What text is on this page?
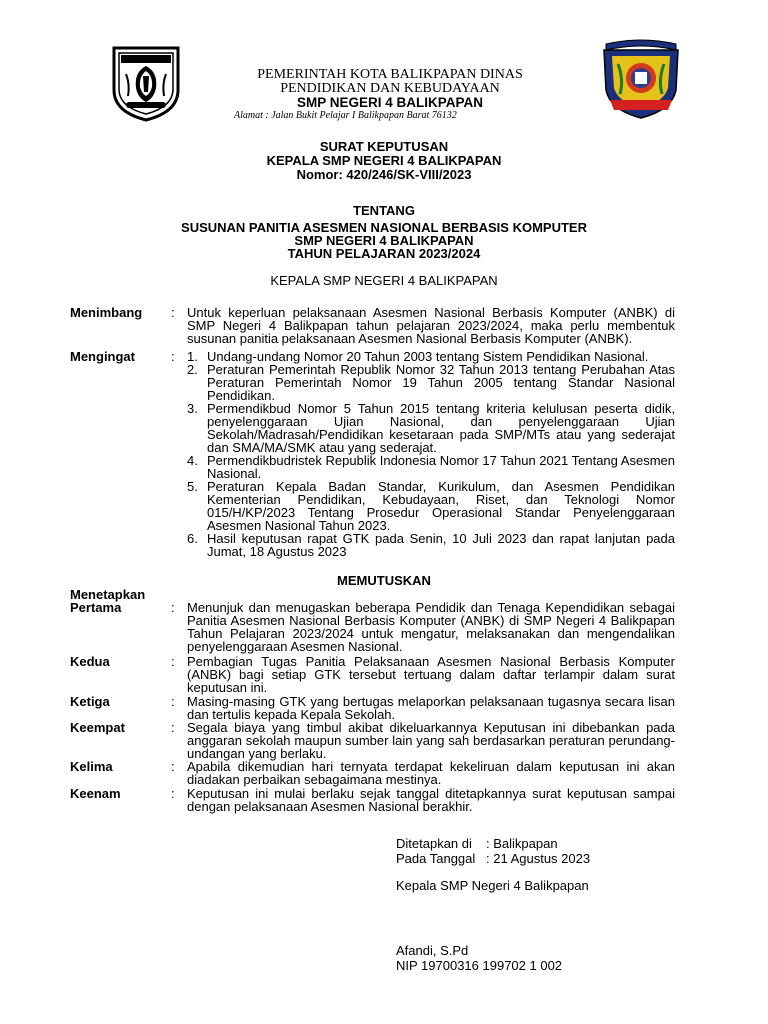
PEMERINTAH KOTA BALIKPAPAN DINAS
PENDIDIKAN DAN KEBUDAYAAN
SMP NEGERI 4 BALIKPAPAN
Alamat : Jalan Bukit Pelajar I Balikpapan Barat 76132
SURAT KEPUTUSAN
KEPALA SMP NEGERI 4 BALIKPAPAN
Nomor: 420/246/SK-VIII/2023
TENTANG
SUSUNAN PANITIA ASESMEN NASIONAL BERBASIS KOMPUTER
SMP NEGERI 4 BALIKPAPAN
TAHUN PELAJARAN 2023/2024
KEPALA SMP NEGERI 4 BALIKPAPAN
Menimbang : Untuk keperluan pelaksanaan Asesmen Nasional Berbasis Komputer (ANBK) di SMP Negeri 4 Balikpapan tahun pelajaran 2023/2024, maka perlu membentuk susunan panitia pelaksanaan Asesmen Nasional Berbasis Komputer (ANBK).
Mengingat	: 1. Undang-undang Nomor 20 Tahun 2003 tentang Sistem Pendidikan Nasional.
2. Peraturan Pemerintah Republik Nomor 32 Tahun 2013 tentang Perubahan Atas Peraturan Pemerintah Nomor 19 Tahun 2005 tentang Standar Nasional Pendidikan.
3. Permendikbud Nomor 5 Tahun 2015 tentang kriteria kelulusan peserta didik, penyelenggaraan Ujian Nasional, dan penyelenggaraan Ujian Sekolah/Madrasah/Pendidikan kesetaraan pada SMP/MTs atau yang sederajat dan SMA/MA/SMK atau yang sederajat.
4. Permendikbudristek Republik Indonesia Nomor 17 Tahun 2021 Tentang Asesmen Nasional.
5. Peraturan Kepala Badan Standar, Kurikulum, dan Asesmen Pendidikan Kementerian Pendidikan, Kebudayaan, Riset, dan Teknologi Nomor 015/H/KP/2023 Tentang Prosedur Operasional Standar Penyelenggaraan Asesmen Nasional Tahun 2023.
6. Hasil keputusan rapat GTK pada Senin, 10 Juli 2023 dan rapat lanjutan pada Jumat, 18 Agustus 2023
MEMUTUSKAN
Menetapkan
Pertama	: Menunjuk dan menugaskan beberapa Pendidik dan Tenaga Kependidikan sebagai Panitia Asesmen Nasional Berbasis Komputer (ANBK) di SMP Negeri 4 Balikpapan Tahun Pelajaran 2023/2024 untuk mengatur, melaksanakan dan mengendalikan penyelenggaraan Asesmen Nasional.
Kedua	: Pembagian Tugas Panitia Pelaksanaan Asesmen Nasional Berbasis Komputer (ANBK) bagi setiap GTK tersebut tertuang dalam daftar terlampir dalam surat keputusan ini.
Ketiga	: Masing-masing GTK yang bertugas melaporkan pelaksanaan tugasnya secara lisan dan tertulis kepada Kepala Sekolah.
Keempat	: Segala biaya yang timbul akibat dikeluarkannya Keputusan ini dibebankan pada anggaran sekolah maupun sumber lain yang sah berdasarkan peraturan perundang-undangan yang berlaku.
Kelima	: Apabila dikemudian hari ternyata terdapat kekeliruan dalam keputusan ini akan diadakan perbaikan sebagaimana mestinya.
Keenam	: Keputusan ini mulai berlaku sejak tanggal ditetapkannya surat keputusan sampai dengan pelaksanaan Asesmen Nasional berakhir.
Ditetapkan di : Balikpapan
Pada Tanggal : 21 Agustus 2023
Kepala SMP Negeri 4 Balikpapan
Afandi, S.Pd
NIP 19700316 199702 1 002
